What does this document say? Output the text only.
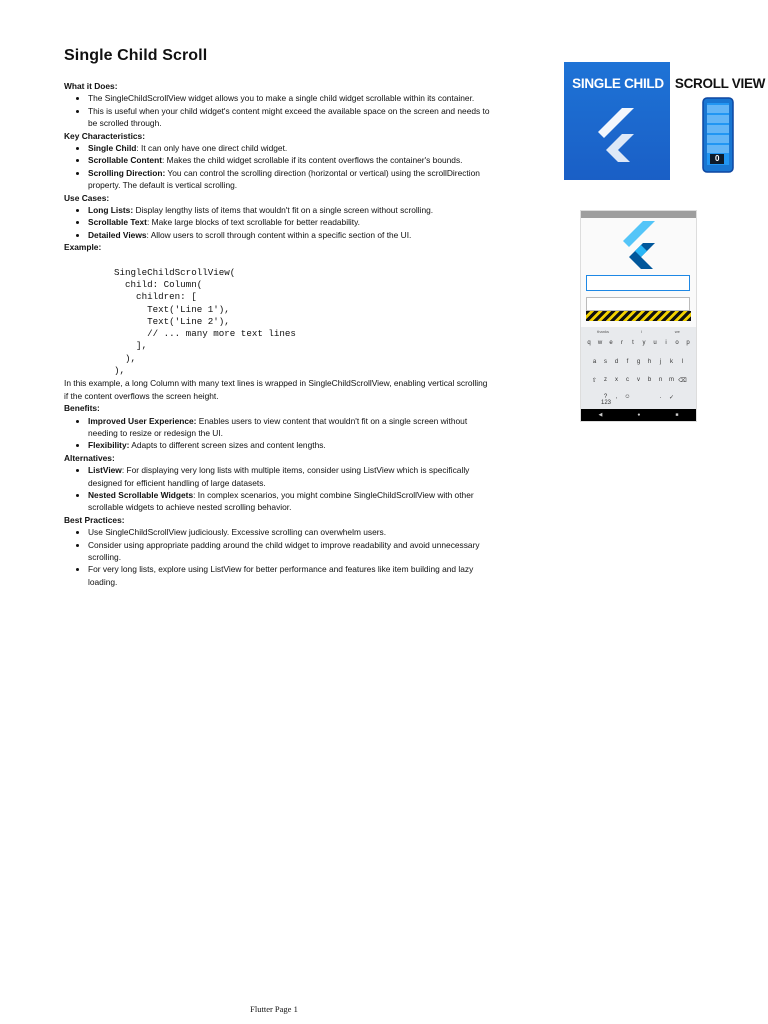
Single Child Scroll

What it Does:

• The SingleChildScrollView widget allows you to make a single child widget scrollable within its container.
• This is useful when your child widget's content might exceed the available space on the screen and needs to be scrolled through.

Key Characteristics:

• Single Child: It can only have one direct child widget.
• Scrollable Content: Makes the child widget scrollable if its content overflows the container's bounds.
• Scrolling Direction: You can control the scrolling direction (horizontal or vertical) using the scrollDirection property. The default is vertical scrolling.

Use Cases:

• Long Lists: Display lengthy lists of items that wouldn't fit on a single screen without scrolling.
• Scrollable Text: Make large blocks of text scrollable for better readability.
• Detailed Views: Allow users to scroll through content within a specific section of the UI.

Example:

SingleChildScrollView(
child: Column(
children: [
Text('Line 1'),
Text('Line 2'),
// ... many more text lines
],
),
),

In this example, a long Column with many text lines is wrapped in SingleChildScrollView, enabling vertical scrolling if the content overflows the screen height.

Benefits:

• Improved User Experience: Enables users to view content that wouldn't fit on a single screen without needing to resize or redesign the UI.
• Flexibility: Adapts to different screen sizes and content lengths.

Alternatives:

• ListView: For displaying very long lists with multiple items, consider using ListView which is specifically designed for efficient handling of large datasets.
• Nested Scrollable Widgets: In complex scenarios, you might combine SingleChildScrollView with other scrollable widgets to achieve nested scrolling behavior.

Best Practices:

• Use SingleChildScrollView judiciously. Excessive scrolling can overwhelm users.
• Consider using appropriate padding around the child widget to improve readability and avoid unnecessary scrolling.
• For very long lists, explore using ListView for better performance and features like item building and lazy loading.
SINGLE CHILD SCROLL VIEW
0
thanks	I	we
q	w	e	r	t	y	u	i	o	p
a	s	d	f	g	h	j	k	l
⇧	z	x	c	v	b	n	m ⌫
?123
,	☺	.	✓
◀	●	■
Flutter Page 1
